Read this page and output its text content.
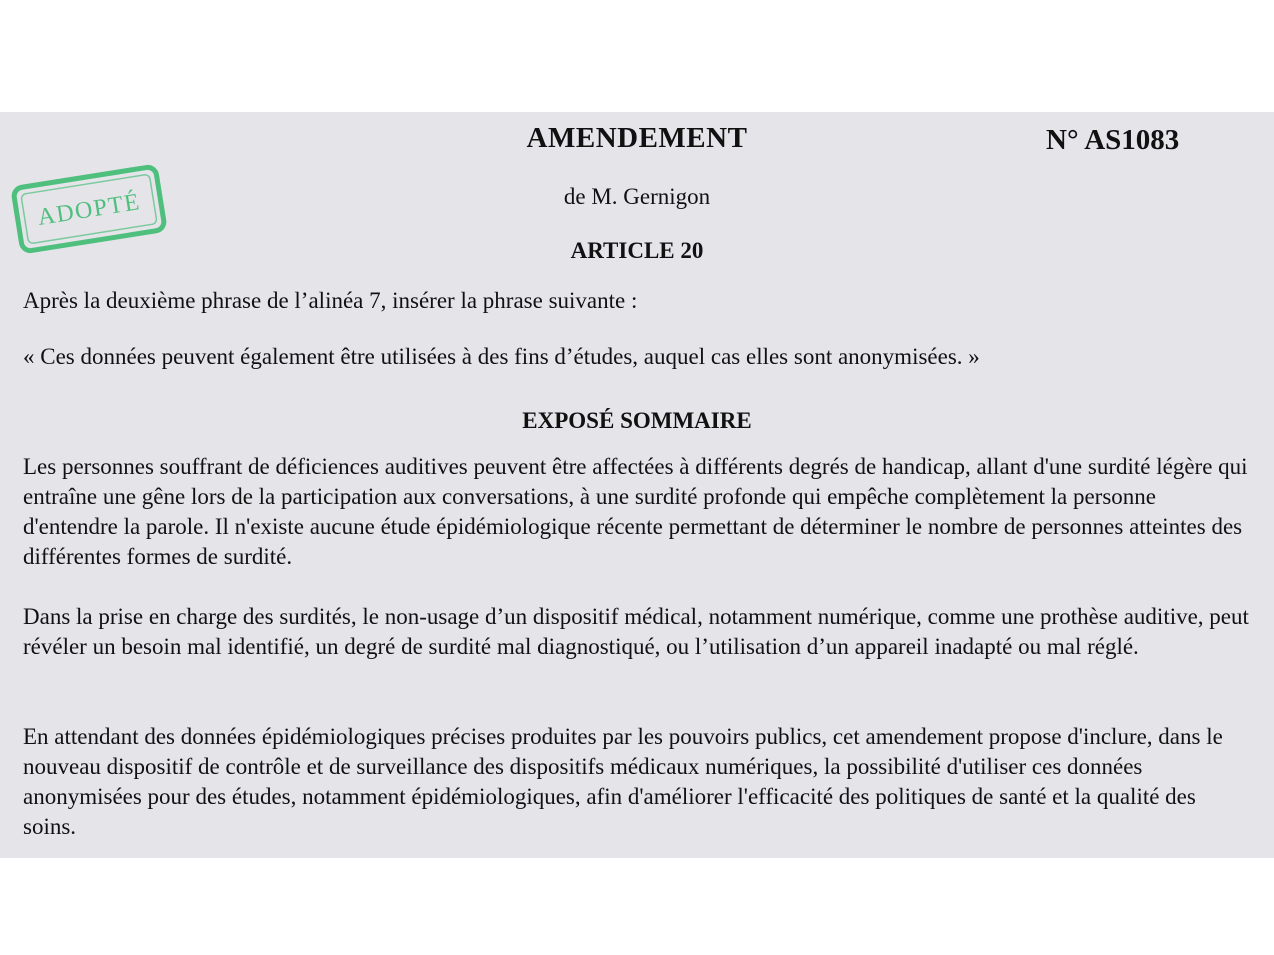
AMENDEMENT	N° AS1083
ADOPTÉ	de M. Gernigon
ARTICLE 20

Après la deuxième phrase de l’alinéa 7, insérer la phrase suivante :

« Ces données peuvent également être utilisées à des fins d’études, auquel cas elles sont anonymisées. »

EXPOSÉ SOMMAIRE

Les personnes souffrant de déficiences auditives peuvent être affectées à différents degrés de handicap, allant d'une surdité légère qui entraîne une gêne lors de la participation aux conversations, à une surdité profonde qui empêche complètement la personne d'entendre la parole. Il n'existe aucune étude épidémiologique récente permettant de déterminer le nombre de personnes atteintes des différentes formes de surdité.

Dans la prise en charge des surdités, le non-usage d’un dispositif médical, notamment numérique, comme une prothèse auditive, peut révéler un besoin mal identifié, un degré de surdité mal diagnostiqué, ou l’utilisation d’un appareil inadapté ou mal réglé.

En attendant des données épidémiologiques précises produites par les pouvoirs publics, cet amendement propose d'inclure, dans le nouveau dispositif de contrôle et de surveillance des dispositifs médicaux numériques, la possibilité d'utiliser ces données anonymisées pour des études, notamment épidémiologiques, afin d'améliorer l'efficacité des politiques de santé et la qualité des soins.
